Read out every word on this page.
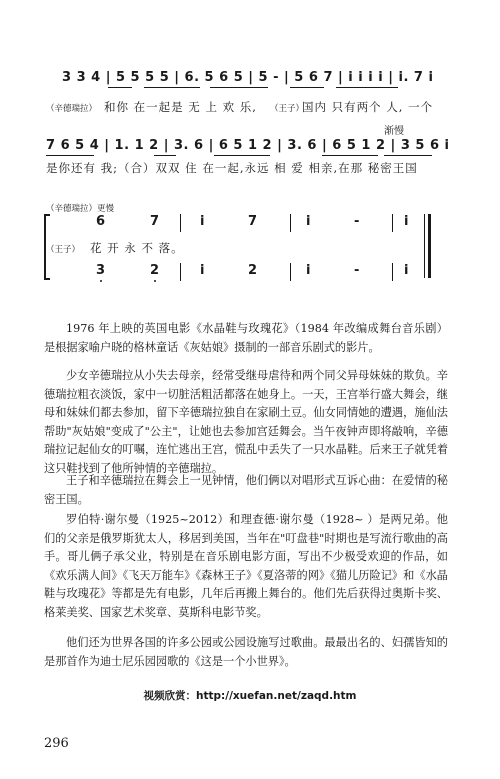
3 3 4 | 5 5 5 5 | 6. 5 6 5 | 5 - | 5 6 7 | i i i i | i. 7 i
（辛德瑞拉） 和你 在一起是 无 上 欢 乐, （王子）
国内 只有两个 人, 一个
渐慢
7 6 5 4 | 1. 1 2 | 3. 6 | 6 5 1 2 | 3. 6 | 6 5 1 2 | 3 5 6 i
是你还有 我;（合）双双 住 在一起,永远 相 爱 相亲,在那 秘密王国
（辛德瑞拉）更慢
6	7	i	7	i	-	i
（王子） 花 开 永 不 落。
3	2	i	2	i	-	i

1976 年上映的英国电影《水晶鞋与玫瑰花》（1984 年改编成舞台音乐剧）是根据家喻户晓的格林童话《灰姑娘》摄制的一部音乐剧式的影片。

少女辛德瑞拉从小失去母亲，经常受继母虐待和两个同父异母妹妹的欺负。辛德瑞拉粗衣淡饭，家中一切脏活粗活都落在她身上。一天，王宫举行盛大舞会，继母和妹妹们都去参加，留下辛德瑞拉独自在家刷土豆。仙女同情她的遭遇，施仙法帮助"灰姑娘"变成了"公主"，让她也去参加宫廷舞会。当午夜钟声即将敲响，辛德瑞拉记起仙女的叮嘱，连忙逃出王宫，慌乱中丢失了一只水晶鞋。后来王子就凭着这只鞋找到了他所钟情的辛德瑞拉。

王子和辛德瑞拉在舞会上一见钟情，他们俩以对唱形式互诉心曲：在爱情的秘密王国。

罗伯特·谢尔曼（1925~2012）和理查德·谢尔曼（1928~ ）是两兄弟。他们的父亲是俄罗斯犹太人，移居到美国，当年在"叮盘巷"时期也是写流行歌曲的高手。哥儿俩子承父业，特别是在音乐剧电影方面，写出不少极受欢迎的作品，如《欢乐满人间》《飞天万能车》《森林王子》《夏洛蒂的网》《猫儿历险记》和《水晶鞋与玫瑰花》等都是先有电影，几年后再搬上舞台的。他们先后获得过奥斯卡奖、格莱美奖、国家艺术奖章、莫斯科电影节奖。

他们还为世界各国的许多公园或公园设施写过歌曲。最最出名的、妇孺皆知的是那首作为迪士尼乐园园歌的《这是一个小世界》。

视频欣赏：http://xuefan.net/zaqd.htm
296
